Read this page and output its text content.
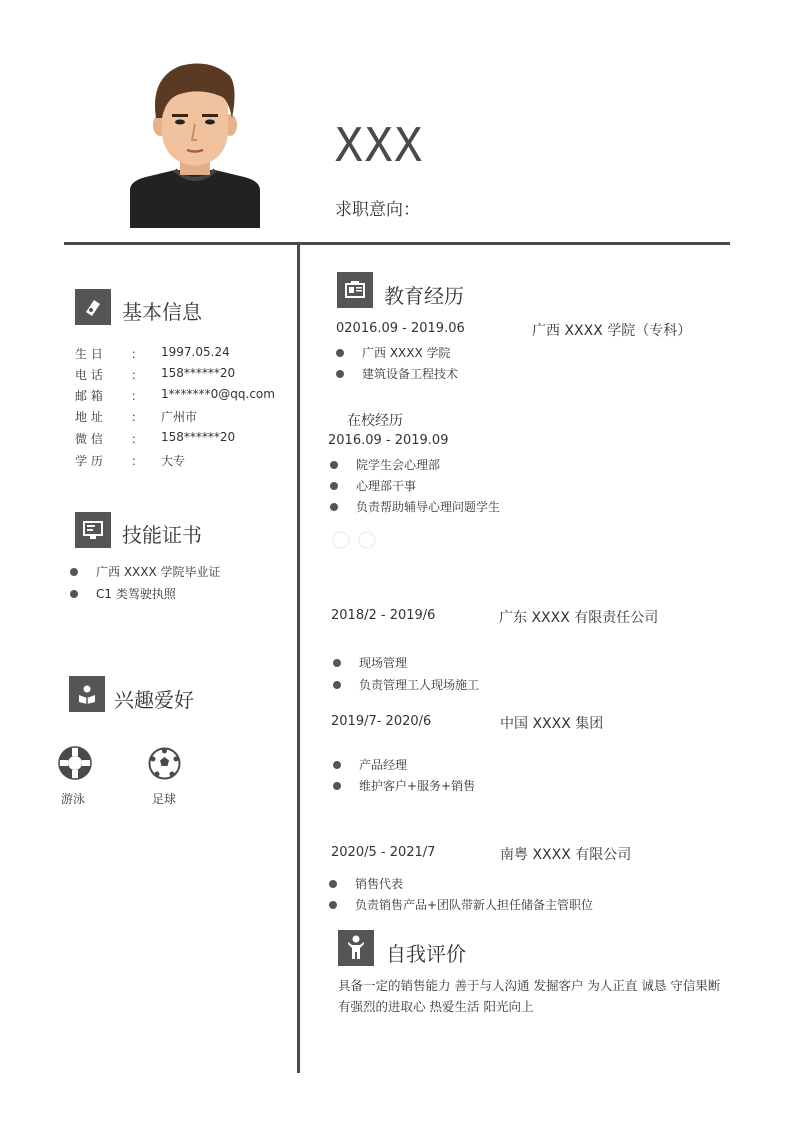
XXX
求职意向：
基本信息
生 日	：	1997.05.24
电 话	：	158******20
邮 箱	：	1*******0@qq.com
地 址	：	广州市
微 信	：	158******20
学 历	：	大专
技能证书
广西 XXXX 学院毕业证
C1 类驾驶执照
兴趣爱好
游泳	足球
教育经历
02016.09 - 2019.06	广西 XXXX 学院（专科）
广西 XXXX 学院
建筑设备工程技术
在校经历
2016.09 - 2019.09
院学生会心理部
心理部干事
负责帮助辅导心理问题学生
2018/2 - 2019/6	广东 XXXX 有限责任公司
现场管理
负责管理工人现场施工
2019/7- 2020/6	中国 XXXX 集团
产品经理
维护客户+服务+销售
2020/5 - 2021/7	南粤 XXXX 有限公司
销售代表
负责销售产品+团队带新人担任储备主管职位
自我评价
具备一定的销售能力 善于与人沟通 发掘客户 为人正直 诚恳 守信果断 有强烈的进取心 热爱生活 阳光向上
